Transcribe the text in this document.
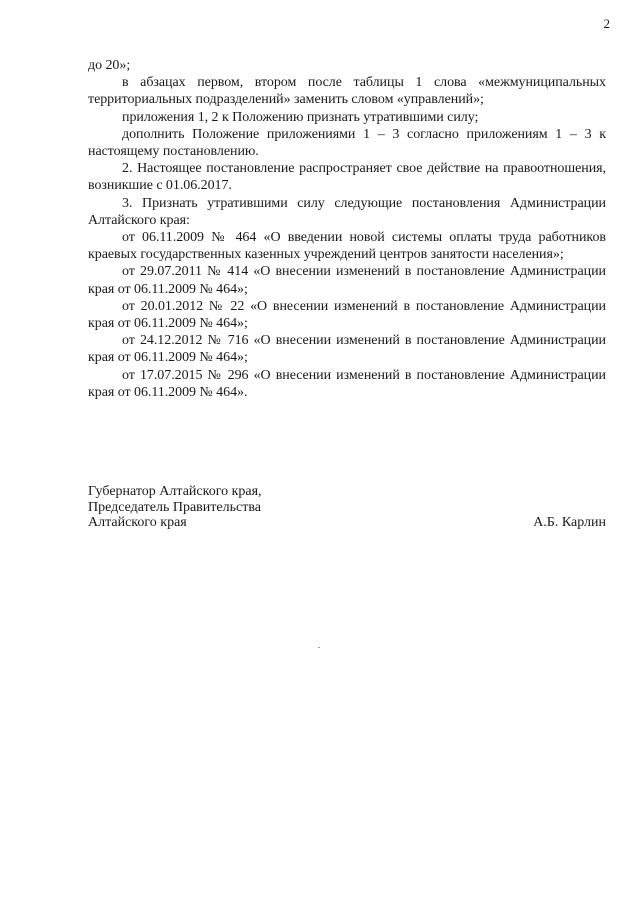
2

до 20»;

в абзацах первом, втором после таблицы 1 слова «межмуниципальных территориальных подразделений» заменить словом «управлений»;

приложения 1, 2 к Положению признать утратившими силу;

дополнить Положение приложениями 1 – 3 согласно приложениям 1 – 3 к настоящему постановлению.

2. Настоящее постановление распространяет свое действие на правоотношения, возникшие с 01.06.2017.

3. Признать утратившими силу следующие постановления Администрации Алтайского края:

от 06.11.2009 № 464 «О введении новой системы оплаты труда работников краевых государственных казенных учреждений центров занятости населения»;

от 29.07.2011 № 414 «О внесении изменений в постановление Администрации края от 06.11.2009 № 464»;

от 20.01.2012 № 22 «О внесении изменений в постановление Администрации края от 06.11.2009 № 464»;

от 24.12.2012 № 716 «О внесении изменений в постановление Администрации края от 06.11.2009 № 464»;

от 17.07.2015 № 296 «О внесении изменений в постановление Администрации края от 06.11.2009 № 464».

Губернатор Алтайского края,
Председатель Правительства
Алтайского края	А.Б. Карлин
